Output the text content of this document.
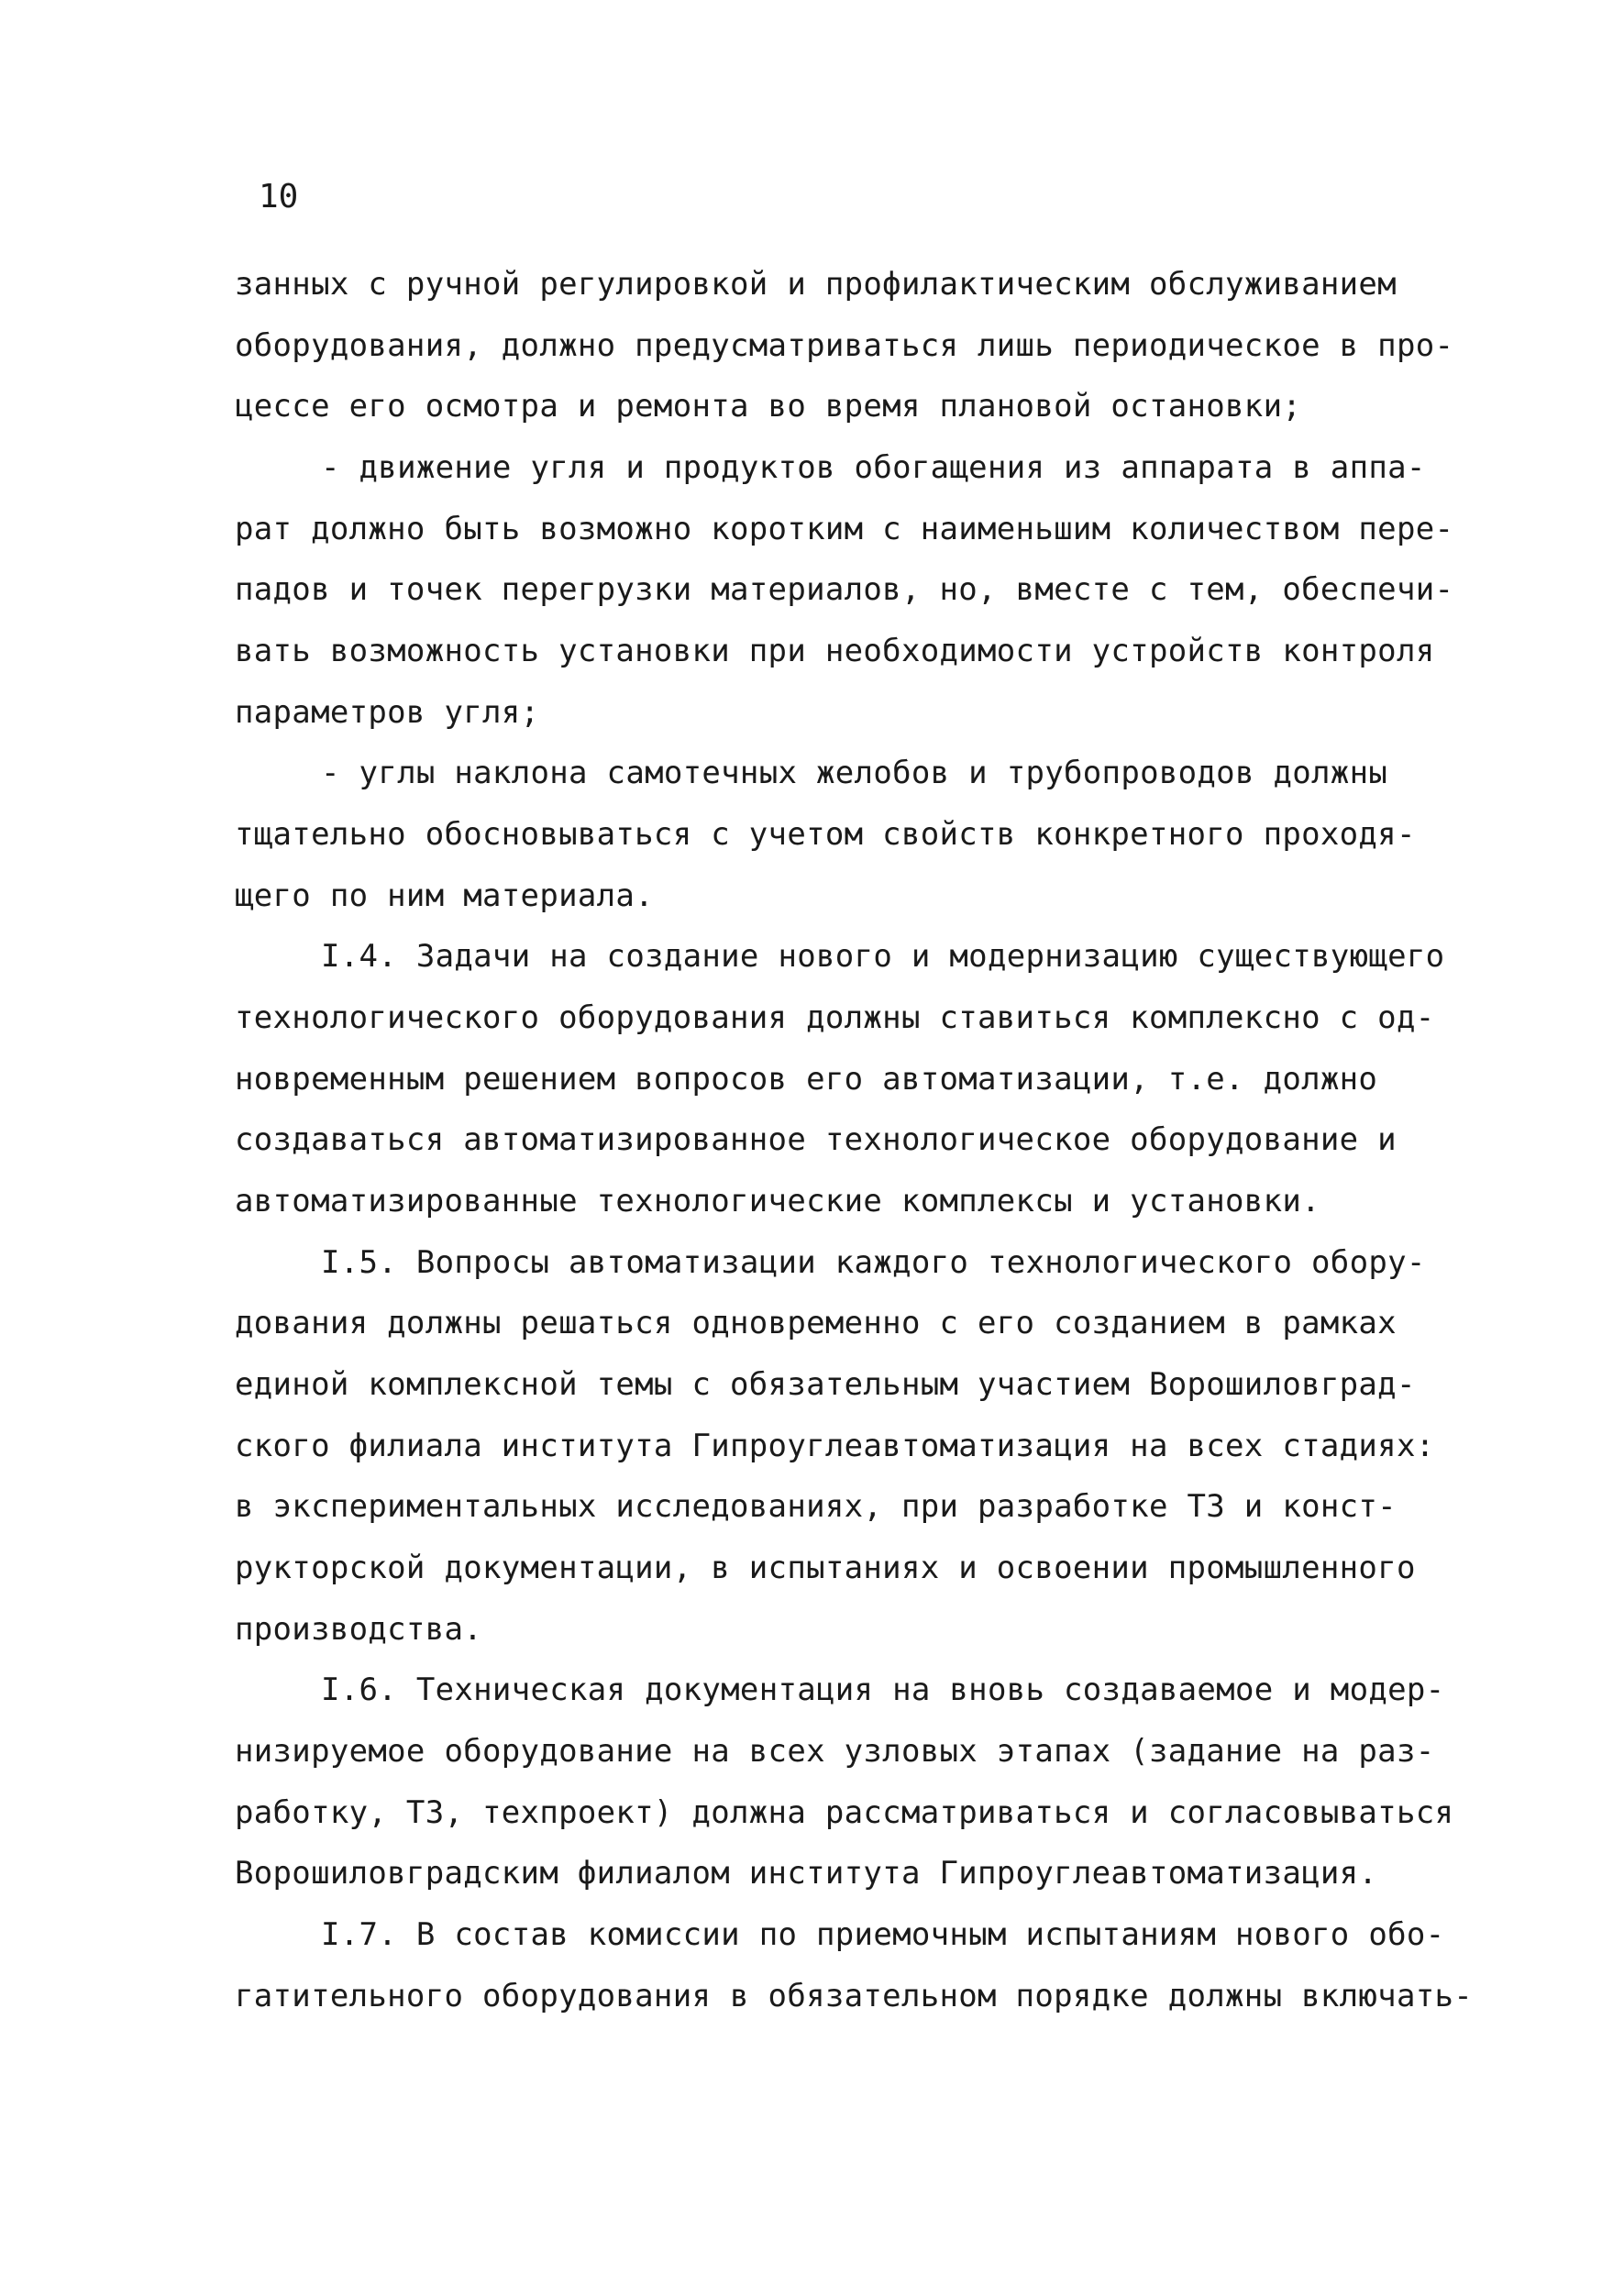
10

занных с ручной регулировкой и профилактическим обслуживанием

оборудования, должно предусматриваться лишь периодическое в про-

цессе его осмотра и ремонта во время плановой остановки;

- движение угля и продуктов обогащения из аппарата в аппа-

рат должно быть возможно коротким с наименьшим количеством пере-

падов и точек перегрузки материалов, но, вместе с тем, обеспечи-

вать возможность установки при необходимости устройств контроля

параметров угля;

- углы наклона самотечных желобов и трубопроводов должны

тщательно обосновываться с учетом свойств конкретного проходя-

щего по ним материала.

I.4. Задачи на создание нового и модернизацию существующего

технологического оборудования должны ставиться комплексно с од-

новременным решением вопросов его автоматизации, т.е. должно

создаваться автоматизированное технологическое оборудование и

автоматизированные технологические комплексы и установки.

I.5. Вопросы автоматизации каждого технологического обору-

дования должны решаться одновременно с его созданием в рамках

единой комплексной темы с обязательным участием Ворошиловград-

ского филиала института Гипроуглеавтоматизация на всех стадиях:

в экспериментальных исследованиях, при разработке ТЗ и конст-

рукторской документации, в испытаниях и освоении промышленного

производства.

I.6. Техническая документация на вновь создаваемое и модер-

низируемое оборудование на всех узловых этапах (задание на раз-

работку, ТЗ, техпроект) должна рассматриваться и согласовываться

Ворошиловградским филиалом института Гипроуглеавтоматизация.

I.7. В состав комиссии по приемочным испытаниям нового обо-

гатительного оборудования в обязательном порядке должны включать-
